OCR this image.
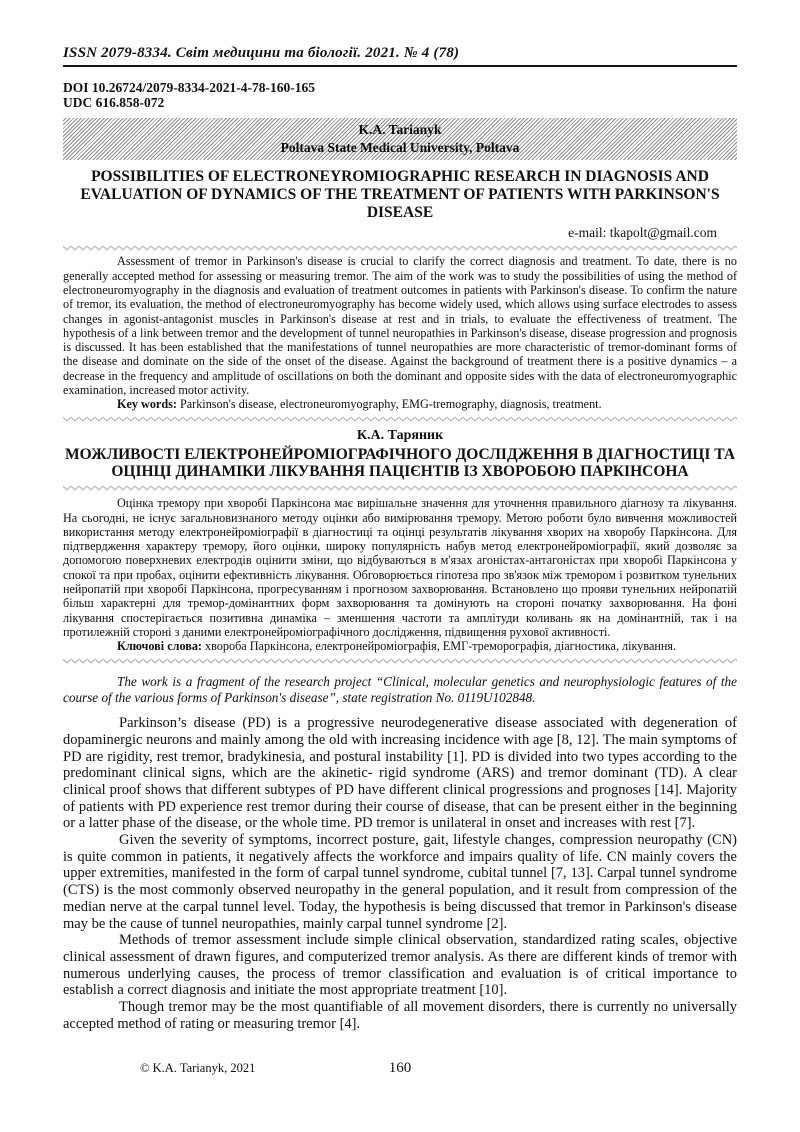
ISSN 2079-8334. Світ медицини та біології. 2021. № 4 (78)
DOI 10.26724/2079-8334-2021-4-78-160-165
UDC 616.858-072
K.A. Tarianyk
Poltava State Medical University, Poltava
POSSIBILITIES OF ELECTRONEYROMIOGRAPHIC RESEARCH IN DIAGNOSIS AND EVALUATION OF DYNAMICS OF THE TREATMENT OF PATIENTS WITH PARKINSON'S DISEASE
e-mail: tkapolt@gmail.com

Assessment of tremor in Parkinson's disease is crucial to clarify the correct diagnosis and treatment. To date, there is no generally accepted method for assessing or measuring tremor. The aim of the work was to study the possibilities of using the method of electroneuromyography in the diagnosis and evaluation of treatment outcomes in patients with Parkinson's disease. To confirm the nature of tremor, its evaluation, the method of electroneuromyography has become widely used, which allows using surface electrodes to assess changes in agonist-antagonist muscles in Parkinson's disease at rest and in trials, to evaluate the effectiveness of treatment. The hypothesis of a link between tremor and the development of tunnel neuropathies in Parkinson's disease, disease progression and prognosis is discussed. It has been established that the manifestations of tunnel neuropathies are more characteristic of tremor-dominant forms of the disease and dominate on the side of the onset of the disease. Against the background of treatment there is a positive dynamics – a decrease in the frequency and amplitude of oscillations on both the dominant and opposite sides with the data of electroneuromyographic examination, increased motor activity.

Key words: Parkinson's disease, electroneuromyography, EMG-tremography, diagnosis, treatment.

К.А. Таряник
МОЖЛИВОСТІ ЕЛЕКТРОНЕЙРОМІОГРАФІЧНОГО ДОСЛІДЖЕННЯ В ДІАГНОСТИЦІ ТА ОЦІНЦІ ДИНАМІКИ ЛІКУВАННЯ ПАЦІЄНТІВ ІЗ ХВОРОБОЮ ПАРКІНСОНА

Оцінка тремору при хворобі Паркінсона має вирішальне значення для уточнення правильного діагнозу та лікування. На сьогодні, не існує загальновизнаного методу оцінки або вимірювання тремору. Метою роботи було вивчення можливостей використання методу електронейроміографії в діагностиці та оцінці результатів лікування хворих на хворобу Паркінсона. Для підтвердження характеру тремору, його оцінки, широку популярність набув метод електронейроміографії, який дозволяє за допомогою поверхневих електродів оцінити зміни, що відбуваються в м'язах агоністах-антагоністах при хворобі Паркінсона у спокої та при пробах, оцінити ефективність лікування. Обговорюється гіпотеза про зв'язок між тремором і розвитком тунельних нейропатій при хворобі Паркінсона, прогресуванням і прогнозом захворювання. Встановлено що прояви тунельних нейропатій більш характерні для тремор-домінантних форм захворювання та домінують на стороні початку захворювання. На фоні лікування спостерігається позитивна динаміка – зменшення частоти та амплітуди коливань як на домінантній, так і на протилежній стороні з даними електронейроміографічного дослідження, підвищення рухової активності.

Ключові слова: хвороба Паркінсона, електронейроміографія, ЕМГ-треморографія, діагностика, лікування.

The work is a fragment of the research project “Clinical, molecular genetics and neurophysiologic features of the course of the various forms of Parkinson's disease”, state registration No. 0119U102848.

Parkinson’s disease (PD) is a progressive neurodegenerative disease associated with degeneration of dopaminergic neurons and mainly among the old with increasing incidence with age [8, 12]. The main symptoms of PD are rigidity, rest tremor, bradykinesia, and postural instability [1]. PD is divided into two types according to the predominant clinical signs, which are the akinetic- rigid syndrome (ARS) and tremor dominant (TD). A clear clinical proof shows that different subtypes of PD have different clinical progressions and prognoses [14]. Majority of patients with PD experience rest tremor during their course of disease, that can be present either in the beginning or a latter phase of the disease, or the whole time. PD tremor is unilateral in onset and increases with rest [7].

Given the severity of symptoms, incorrect posture, gait, lifestyle changes, compression neuropathy (CN) is quite common in patients, it negatively affects the workforce and impairs quality of life. CN mainly covers the upper extremities, manifested in the form of carpal tunnel syndrome, cubital tunnel [7, 13]. Carpal tunnel syndrome (CTS) is the most commonly observed neuropathy in the general population, and it result from compression of the median nerve at the carpal tunnel level. Today, the hypothesis is being discussed that tremor in Parkinson's disease may be the cause of tunnel neuropathies, mainly carpal tunnel syndrome [2].

Methods of tremor assessment include simple clinical observation, standardized rating scales, objective clinical assessment of drawn figures, and computerized tremor analysis. As there are different kinds of tremor with numerous underlying causes, the process of tremor classification and evaluation is of critical importance to establish a correct diagnosis and initiate the most appropriate treatment [10].

Though tremor may be the most quantifiable of all movement disorders, there is currently no universally accepted method of rating or measuring tremor [4].

160
© K.A. Tarianyk, 2021
